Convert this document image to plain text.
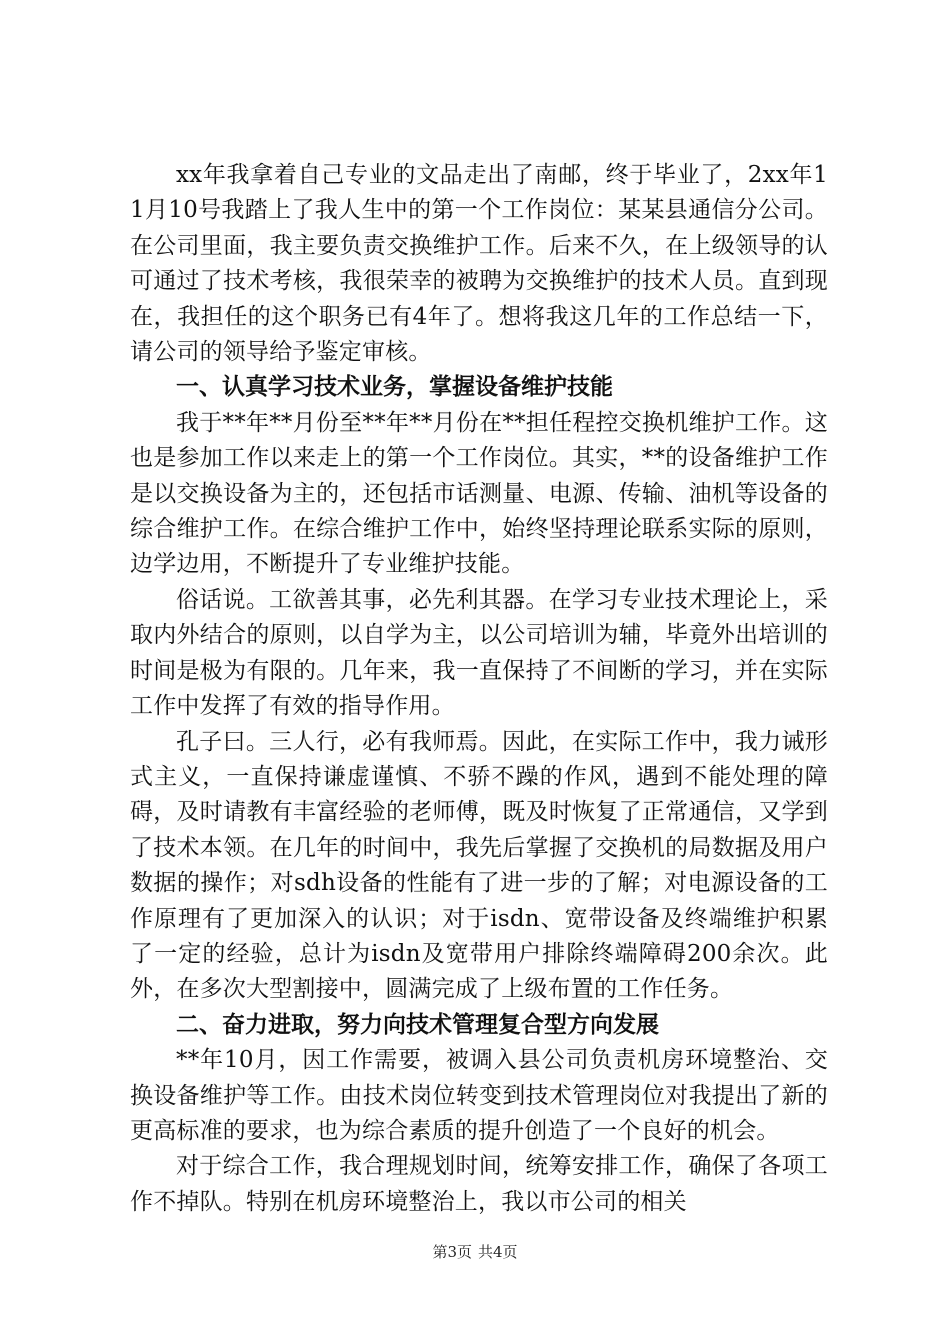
xx年我拿着自己专业的文品走出了南邮，终于毕业了，2xx年11月10号我踏上了我人生中的第一个工作岗位：某某县通信分公司。在公司里面，我主要负责交换维护工作。后来不久，在上级领导的认可通过了技术考核，我很荣幸的被聘为交换维护的技术人员。直到现在，我担任的这个职务已有4年了。想将我这几年的工作总结一下，请公司的领导给予鉴定审核。

一、认真学习技术业务，掌握设备维护技能

我于**年**月份至**年**月份在**担任程控交换机维护工作。这也是参加工作以来走上的第一个工作岗位。其实，**的设备维护工作是以交换设备为主的，还包括市话测量、电源、传输、油机等设备的综合维护工作。在综合维护工作中，始终坚持理论联系实际的原则，边学边用，不断提升了专业维护技能。

俗话说。工欲善其事，必先利其器。在学习专业技术理论上，采取内外结合的原则，以自学为主，以公司培训为辅，毕竟外出培训的时间是极为有限的。几年来，我一直保持了不间断的学习，并在实际工作中发挥了有效的指导作用。

孔子曰。三人行，必有我师焉。因此，在实际工作中，我力诫形式主义，一直保持谦虚谨慎、不骄不躁的作风，遇到不能处理的障碍，及时请教有丰富经验的老师傅，既及时恢复了正常通信，又学到了技术本领。在几年的时间中，我先后掌握了交换机的局数据及用户数据的操作；对sdh设备的性能有了进一步的了解；对电源设备的工作原理有了更加深入的认识；对于isdn、宽带设备及终端维护积累了一定的经验，总计为isdn及宽带用户排除终端障碍200余次。此外，在多次大型割接中，圆满完成了上级布置的工作任务。

二、奋力进取，努力向技术管理复合型方向发展

**年10月，因工作需要，被调入县公司负责机房环境整治、交换设备维护等工作。由技术岗位转变到技术管理岗位对我提出了新的更高标准的要求，也为综合素质的提升创造了一个良好的机会。

对于综合工作，我合理规划时间，统筹安排工作，确保了各项工作不掉队。特别在机房环境整治上，我以市公司的相关

第3页 共4页
